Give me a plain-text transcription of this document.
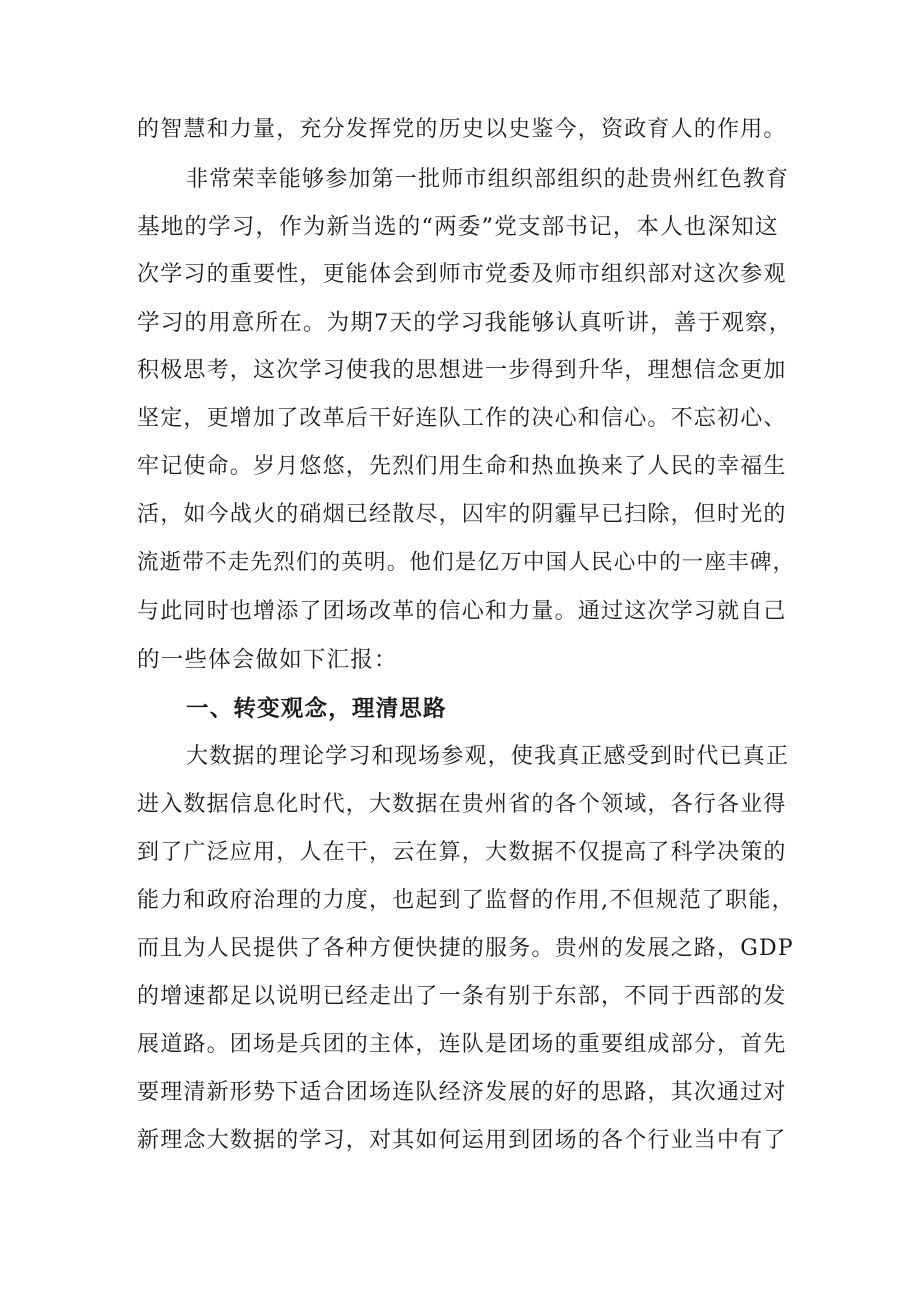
的智慧和力量，充分发挥党的历史以史鉴今，资政育人的作用。
非常荣幸能够参加第一批师市组织部组织的赴贵州红色教育
基地的学习，作为新当选的“两委”党支部书记，本人也深知这
次学习的重要性，更能体会到师市党委及师市组织部对这次参观
学习的用意所在。为期7天的学习我能够认真听讲，善于观察，
积极思考，这次学习使我的思想进一步得到升华，理想信念更加
坚定，更增加了改革后干好连队工作的决心和信心。不忘初心、
牢记使命。岁月悠悠，先烈们用生命和热血换来了人民的幸福生
活，如今战火的硝烟已经散尽，囚牢的阴霾早已扫除，但时光的
流逝带不走先烈们的英明。他们是亿万中国人民心中的一座丰碑，
与此同时也增添了团场改革的信心和力量。通过这次学习就自己
的一些体会做如下汇报：
一、转变观念，理清思路
大数据的理论学习和现场参观，使我真正感受到时代已真正
进入数据信息化时代，大数据在贵州省的各个领域，各行各业得
到了广泛应用，人在干，云在算，大数据不仅提高了科学决策的
能力和政府治理的力度，也起到了监督的作用,不但规范了职能，
而且为人民提供了各种方便快捷的服务。贵州的发展之路，GDP
的增速都足以说明已经走出了一条有别于东部，不同于西部的发
展道路。团场是兵团的主体，连队是团场的重要组成部分，首先
要理清新形势下适合团场连队经济发展的好的思路，其次通过对
新理念大数据的学习，对其如何运用到团场的各个行业当中有了
